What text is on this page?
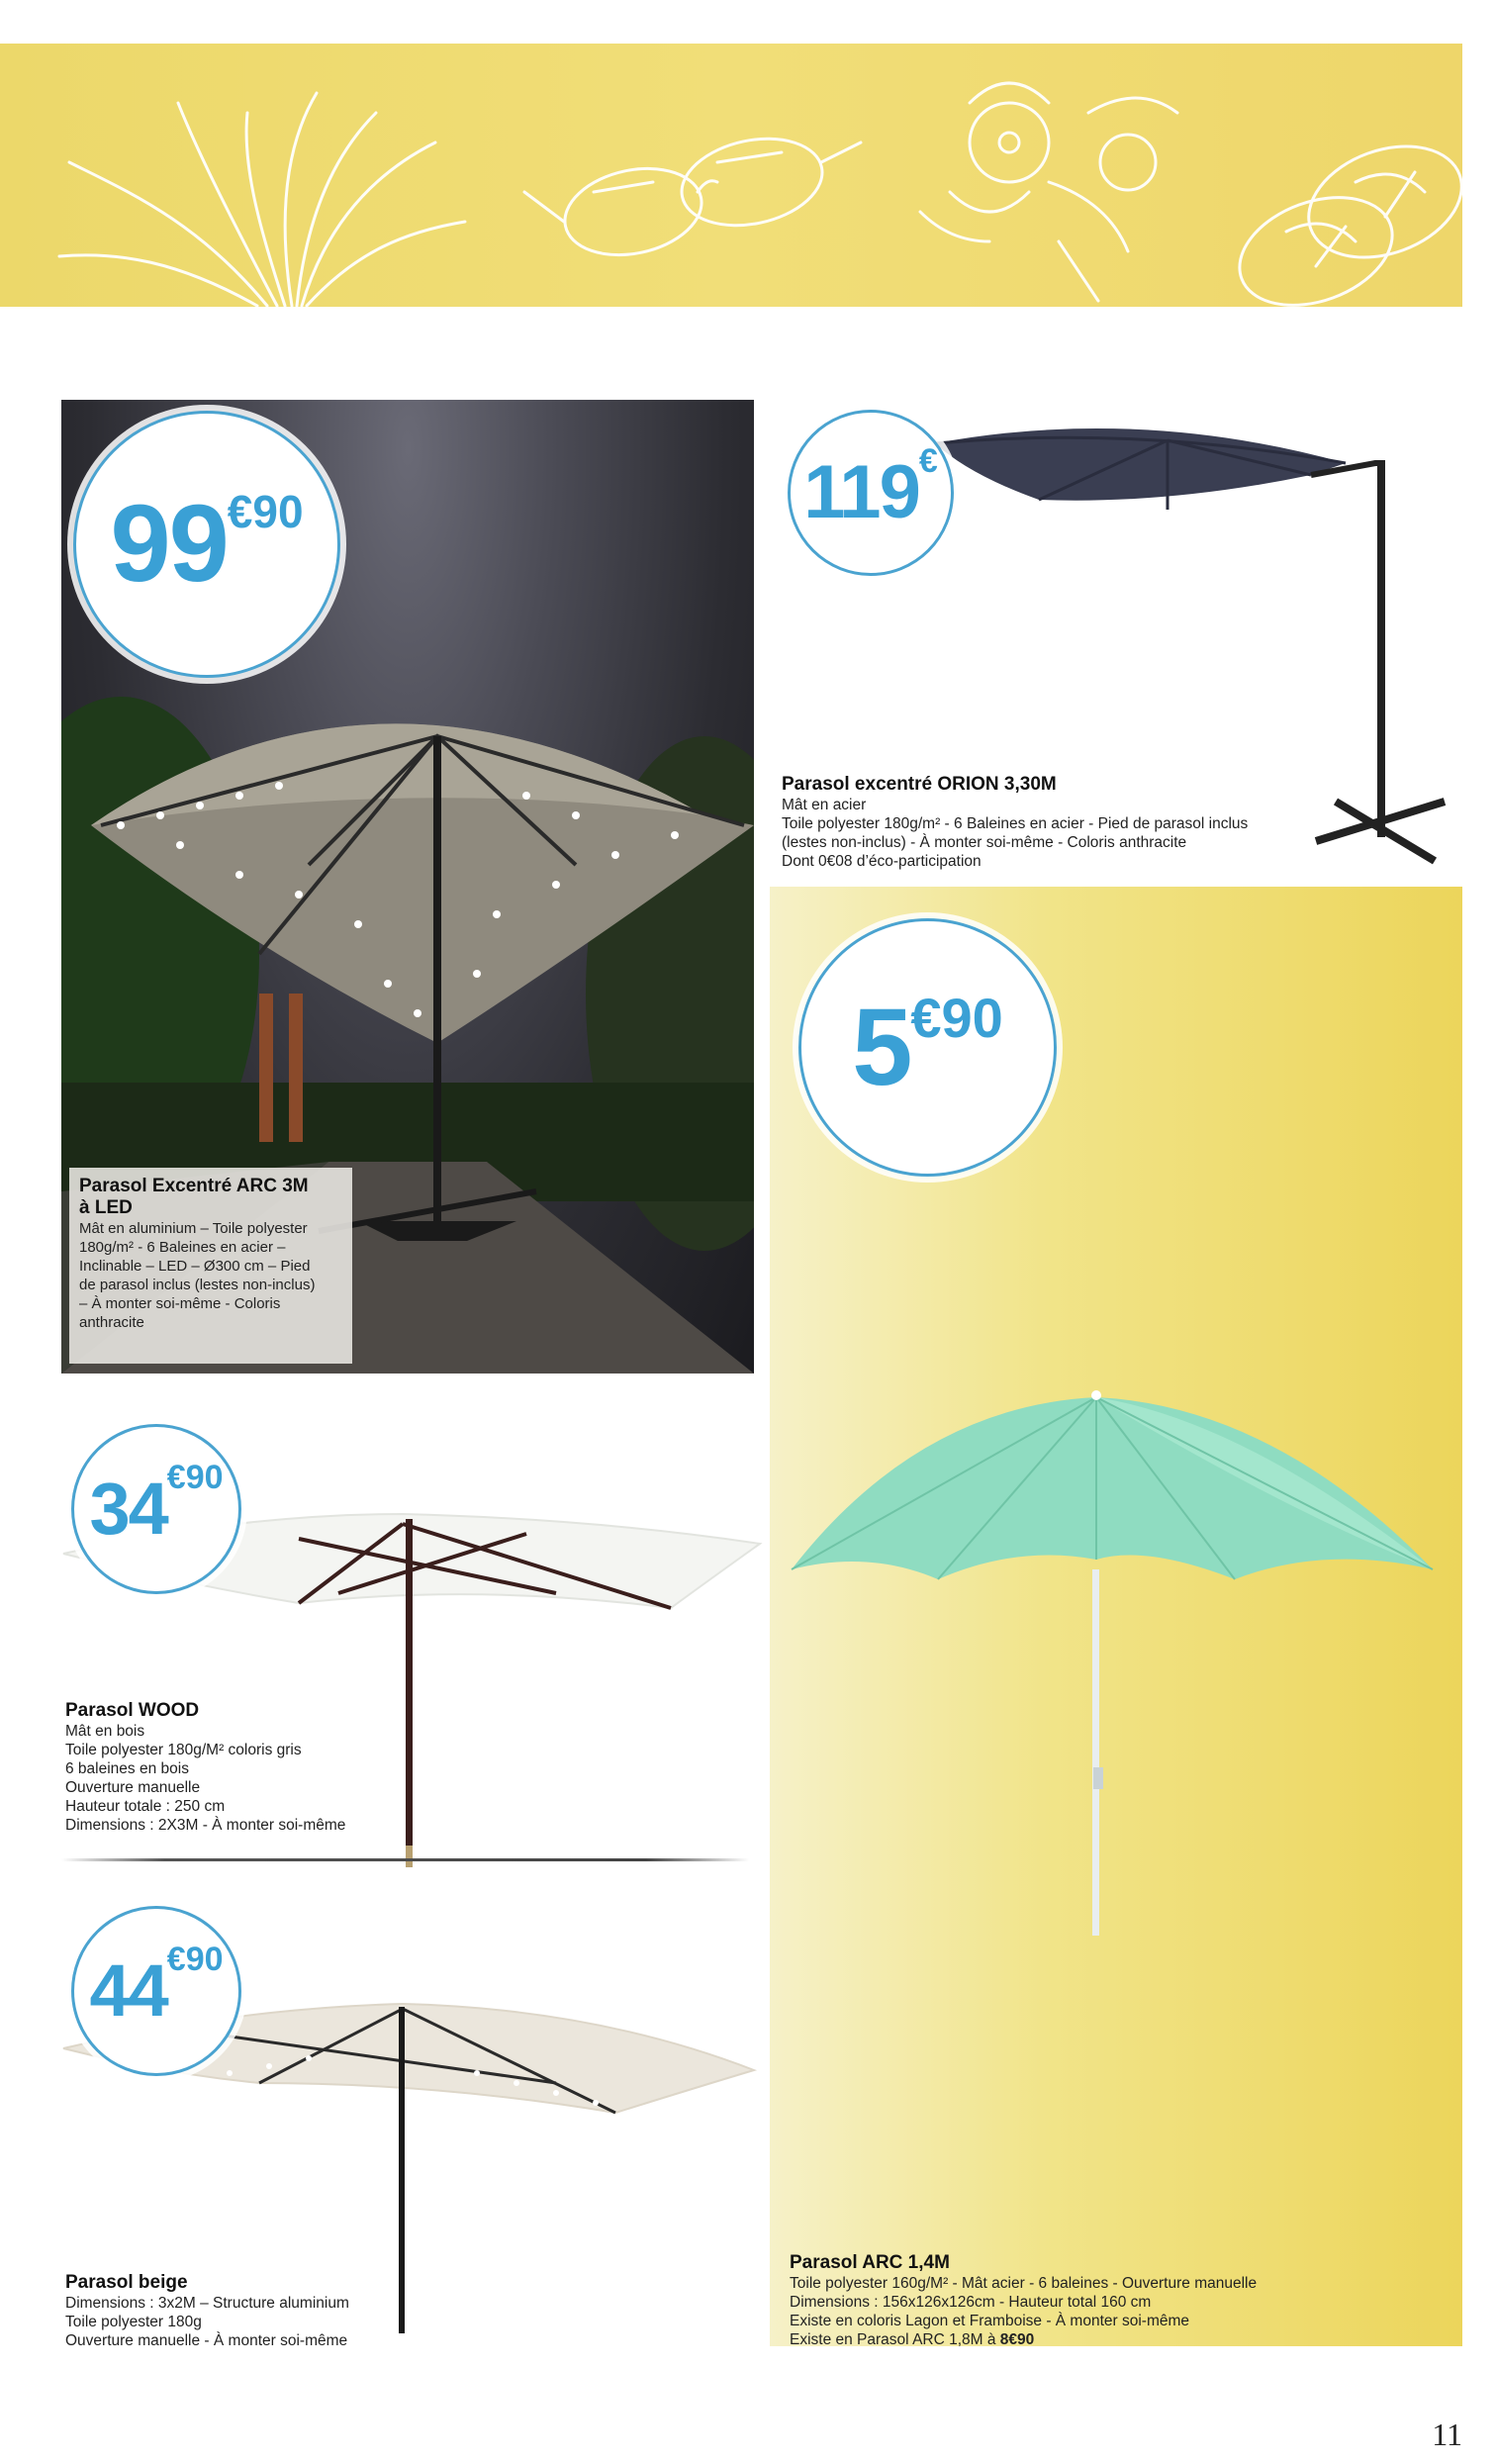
99 €90

Parasol Excentré ARC 3M

à LED

Mât en aluminium – Toile polyester

180g/m² - 6 Baleines en acier –

Inclinable – LED – Ø300 cm – Pied

de parasol inclus (lestes non-inclus)

– À monter soi-même - Coloris

anthracite

119 €

Parasol excentré ORION 3,30M

Mât en acier

Toile polyester 180g/m² - 6 Baleines en acier - Pied de parasol inclus

(lestes non-inclus) - À monter soi-même - Coloris anthracite

Dont 0€08 d’éco-participation

5 €90

Parasol ARC 1,4M

Toile polyester 160g/M² - Mât acier - 6 baleines - Ouverture manuelle

Dimensions : 156x126x126cm - Hauteur total 160 cm

Existe en coloris Lagon et Framboise - À monter soi-même

Existe en Parasol ARC 1,8M à 8€90

34 €90

Parasol WOOD

Mât en bois

Toile polyester 180g/M² coloris gris

6 baleines en bois

Ouverture manuelle

Hauteur totale : 250 cm

Dimensions : 2X3M - À monter soi-même

44 €90

Parasol beige

Dimensions : 3x2M – Structure aluminium

Toile polyester 180g

Ouverture manuelle - À monter soi-même

11
